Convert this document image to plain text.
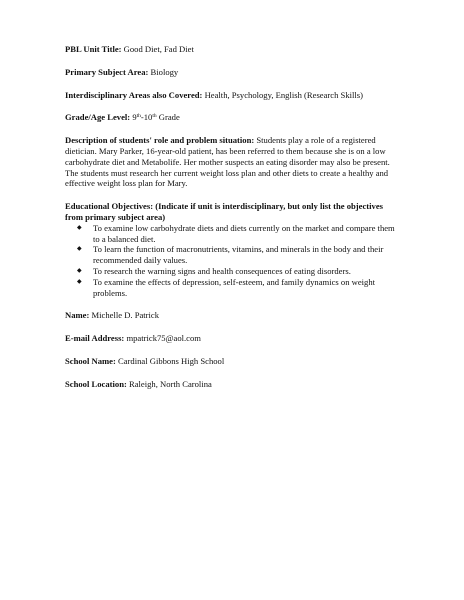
PBL Unit Title: Good Diet, Fad Diet

Primary Subject Area: Biology

Interdisciplinary Areas also Covered: Health, Psychology, English (Research Skills)

Grade/Age Level: 9th-10th Grade

Description of students' role and problem situation: Students play a role of a registered dietician. Mary Parker, 16-year-old patient, has been referred to them because she is on a low carbohydrate diet and Metabolife. Her mother suspects an eating disorder may also be present. The students must research her current weight loss plan and other diets to create a healthy and effective weight loss plan for Mary.

Educational Objectives: (Indicate if unit is interdisciplinary, but only list the objectives from primary subject area)

◆ To examine low carbohydrate diets and diets currently on the market and compare them to a balanced diet.
◆ To learn the function of macronutrients, vitamins, and minerals in the body and their recommended daily values.
◆ To research the warning signs and health consequences of eating disorders.
◆ To examine the effects of depression, self-esteem, and family dynamics on weight problems.

Name: Michelle D. Patrick

E-mail Address: mpatrick75@aol.com

School Name: Cardinal Gibbons High School

School Location: Raleigh, North Carolina
